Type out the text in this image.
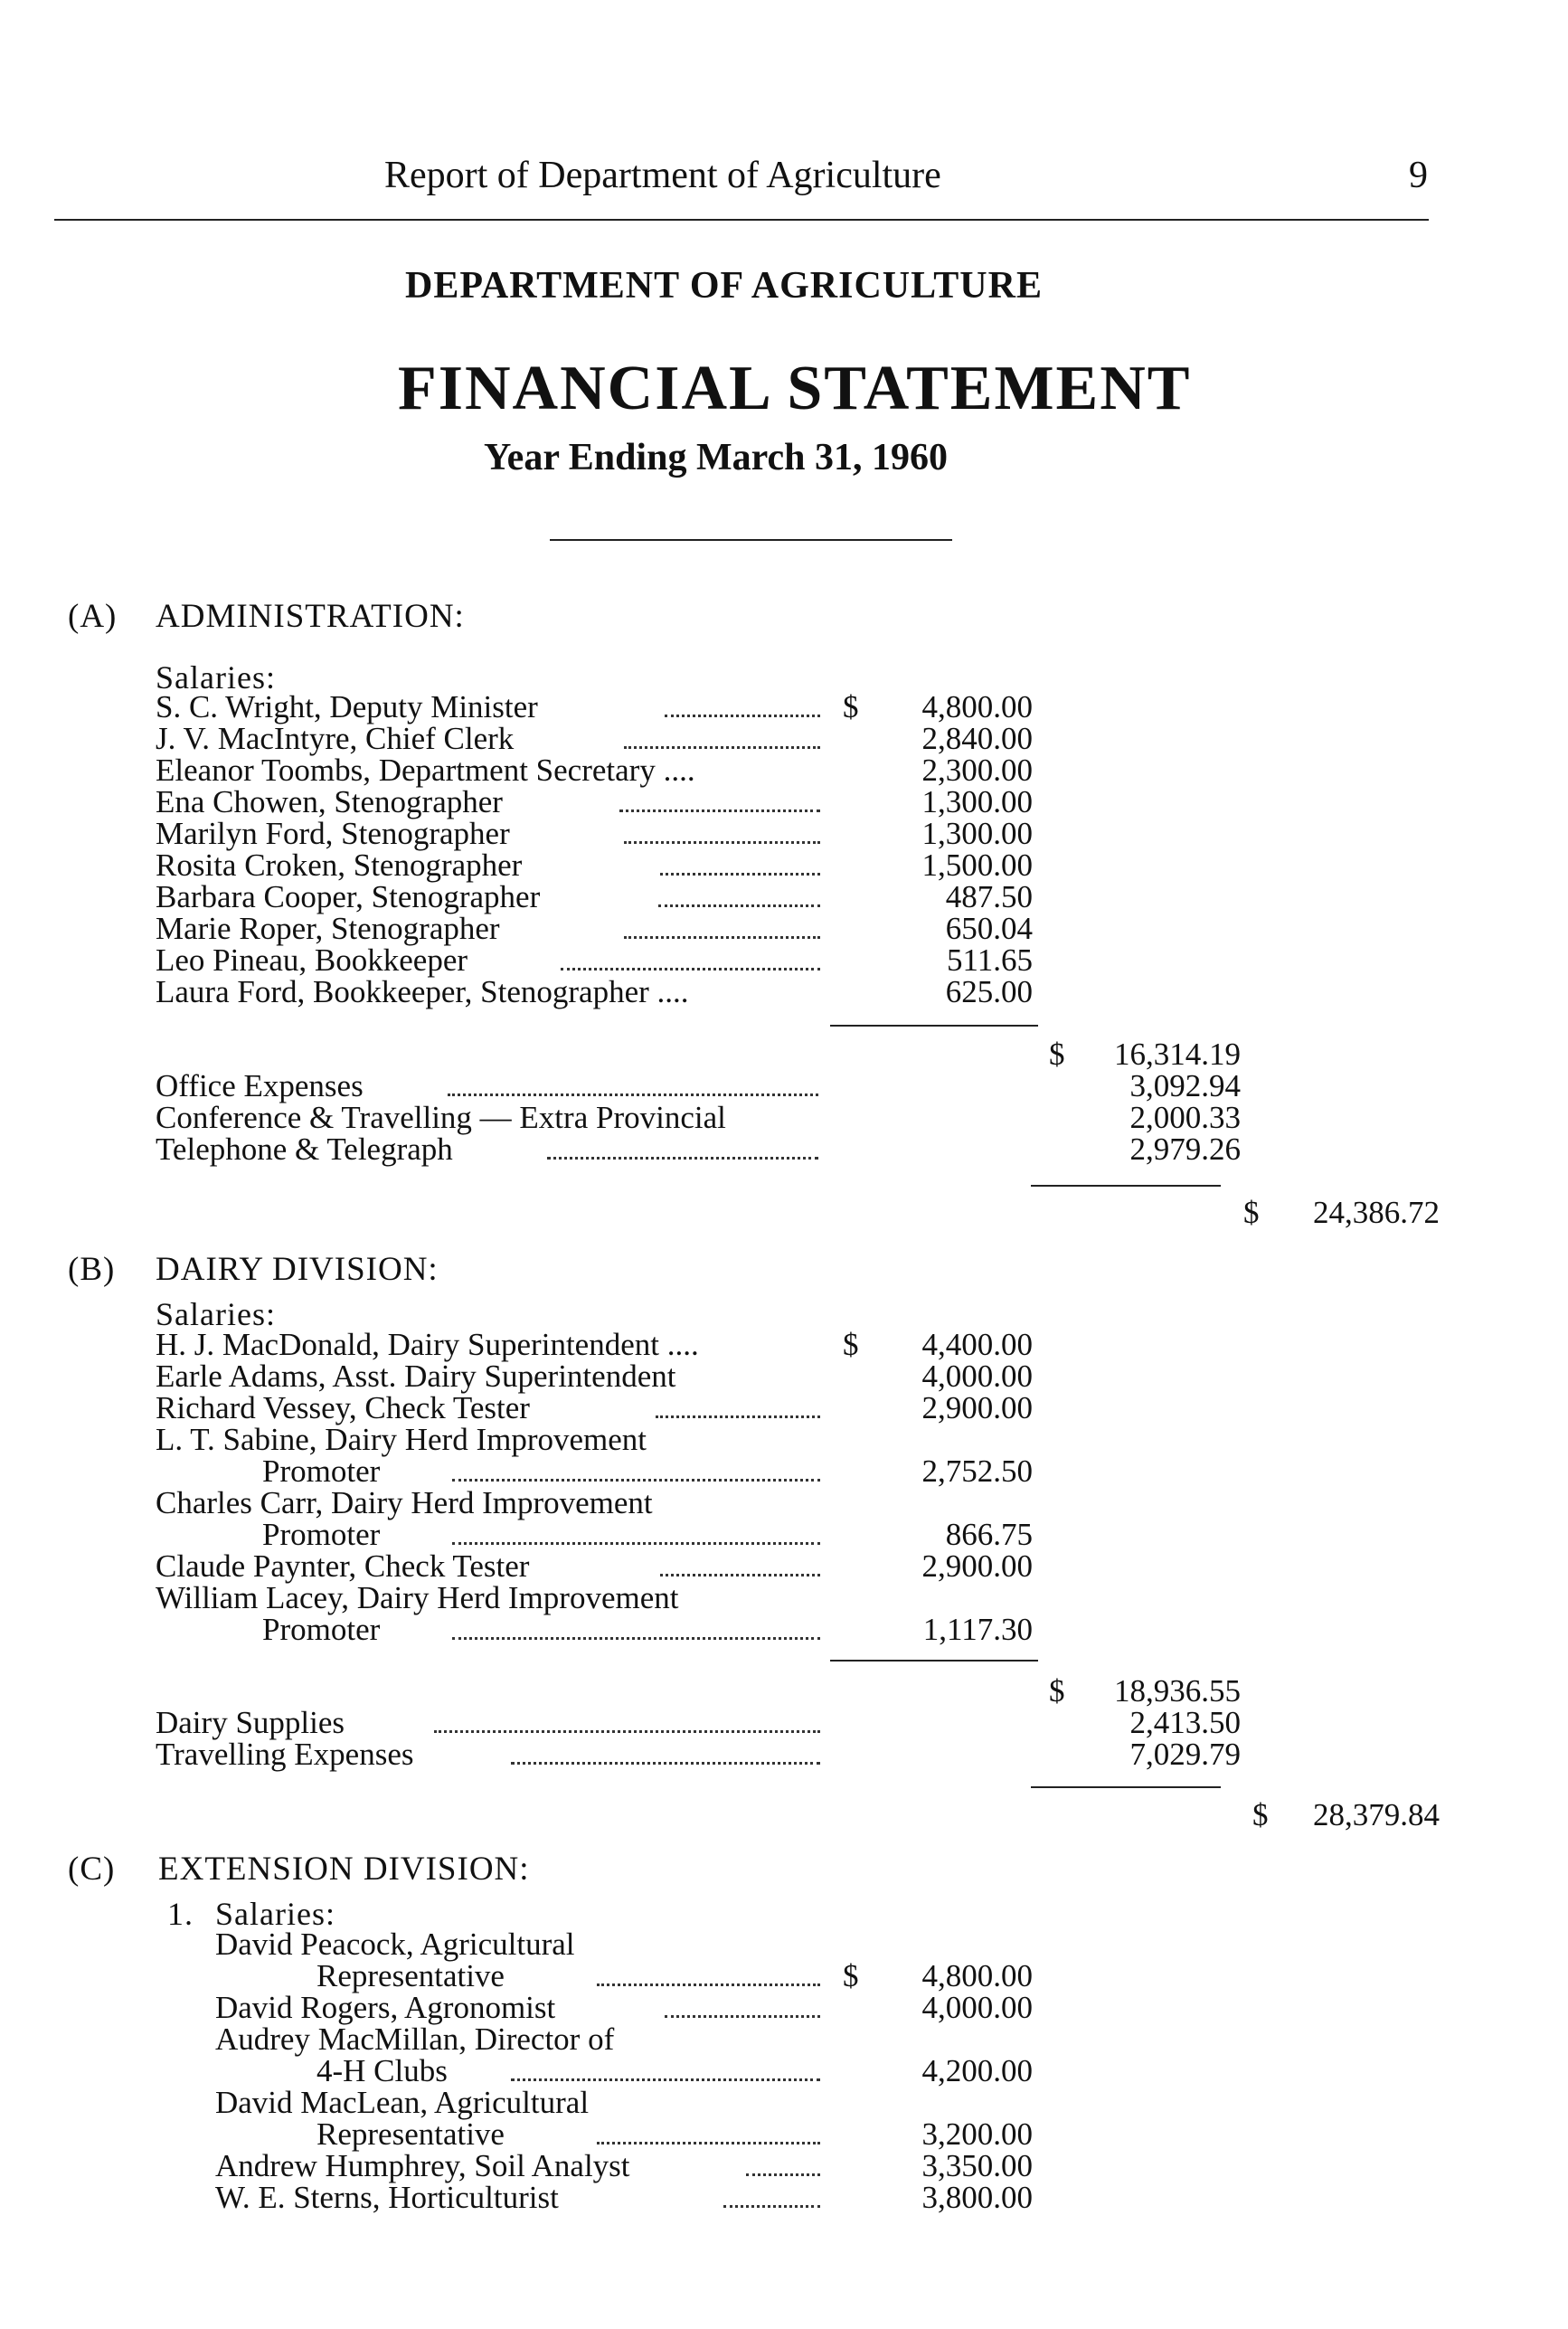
Report of Department of Agriculture	9
DEPARTMENT OF AGRICULTURE
FINANCIAL STATEMENT
Year Ending March 31, 1960
(A) ADMINISTRATION:
Salaries:
S. C. Wright, Deputy Minister	$	4,800.00
J. V. MacIntyre, Chief Clerk	2,840.00
Eleanor Toombs, Department Secretary ....	2,300.00
Ena Chowen, Stenographer	1,300.00
Marilyn Ford, Stenographer	1,300.00
Rosita Croken, Stenographer	1,500.00
Barbara Cooper, Stenographer	487.50
Marie Roper, Stenographer	650.04
Leo Pineau, Bookkeeper	511.65
Laura Ford, Bookkeeper, Stenographer ....	625.00
$	16,314.19
Office Expenses	3,092.94
Conference & Travelling — Extra Provincial	2,000.33
Telephone & Telegraph	2,979.26
$	24,386.72
(B) DAIRY DIVISION:
Salaries:
H. J. MacDonald, Dairy Superintendent ....	$	4,400.00
Earle Adams, Asst. Dairy Superintendent	4,000.00
Richard Vessey, Check Tester	2,900.00
L. T. Sabine, Dairy Herd Improvement
Promoter	2,752.50
Charles Carr, Dairy Herd Improvement
Promoter	866.75
Claude Paynter, Check Tester	2,900.00
William Lacey, Dairy Herd Improvement
Promoter	1,117.30
$	18,936.55
Dairy Supplies	2,413.50
Travelling Expenses	7,029.79
$	28,379.84
(C) EXTENSION DIVISION:
1. Salaries:
David Peacock, Agricultural
Representative	$	4,800.00
David Rogers, Agronomist	4,000.00
Audrey MacMillan, Director of
4-H Clubs	4,200.00
David MacLean, Agricultural
Representative	3,200.00
Andrew Humphrey, Soil Analyst	3,350.00
W. E. Sterns, Horticulturist	3,800.00
